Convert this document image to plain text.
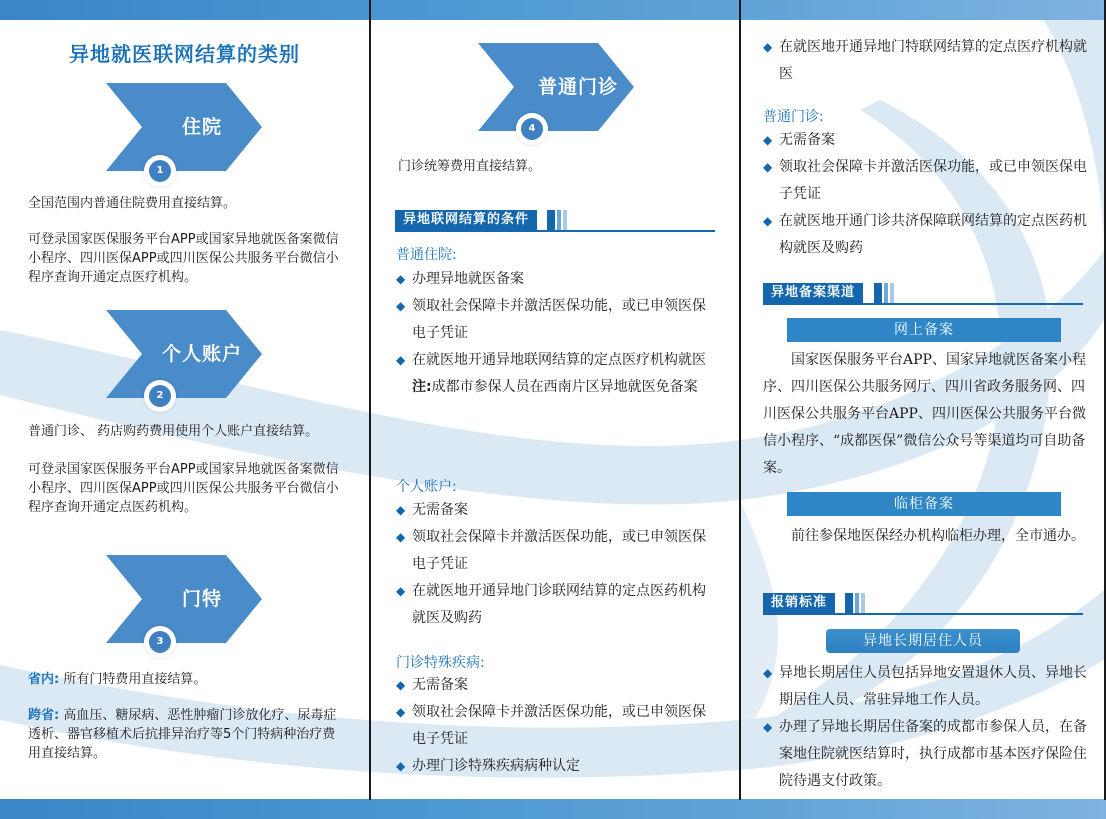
异地就医联网结算的类别
住院
1
全国范围内普通住院费用直接结算。
可登录国家医保服务平台APP或国家异地就医备案微信小程序、四川医保APP或四川医保公共服务平台微信小程序查询开通定点医疗机构。
个人账户
2
普通门诊、 药店购药费用使用个人账户直接结算。
可登录国家医保服务平台APP或国家异地就医备案微信小程序、四川医保APP或四川医保公共服务平台微信小程序查询开通定点医药机构。
门特
3
省内: 所有门特费用直接结算。
跨省: 高血压、糖尿病、恶性肿瘤门诊放化疗、尿毒症透析、器官移植术后抗排异治疗等5个门特病种治疗费用直接结算。
普通门诊
4
门诊统筹费用直接结算。
异地联网结算的条件
普通住院:
◆ 办理异地就医备案
◆ 领取社会保障卡并激活医保功能，或已申领医保电子凭证
◆ 在就医地开通异地联网结算的定点医疗机构就医
注:成都市参保人员在西南片区异地就医免备案
个人账户:
◆ 无需备案
◆ 领取社会保障卡并激活医保功能，或已申领医保电子凭证
◆ 在就医地开通异地门诊联网结算的定点医药机构就医及购药
门诊特殊疾病:
◆ 无需备案
◆ 领取社会保障卡并激活医保功能，或已申领医保电子凭证
◆ 办理门诊特殊疾病病种认定
◆ 在就医地开通异地门特联网结算的定点医疗机构就医
普通门诊:
◆ 无需备案
◆ 领取社会保障卡并激活医保功能，或已申领医保电子凭证
◆ 在就医地开通门诊共济保障联网结算的定点医药机构就医及购药
异地备案渠道
网上备案
国家医保服务平台APP、国家异地就医备案小程序、四川医保公共服务网厅、四川省政务服务网、四川医保公共服务平台APP、四川医保公共服务平台微信小程序、“成都医保”微信公众号等渠道均可自助备案。
临柜备案
前往参保地医保经办机构临柜办理，全市通办。
报销标准
异地长期居住人员
◆ 异地长期居住人员包括异地安置退休人员、异地长期居住人员、常驻异地工作人员。
◆ 办理了异地长期居住备案的成都市参保人员，在备案地住院就医结算时，执行成都市基本医疗保险住院待遇支付政策。
